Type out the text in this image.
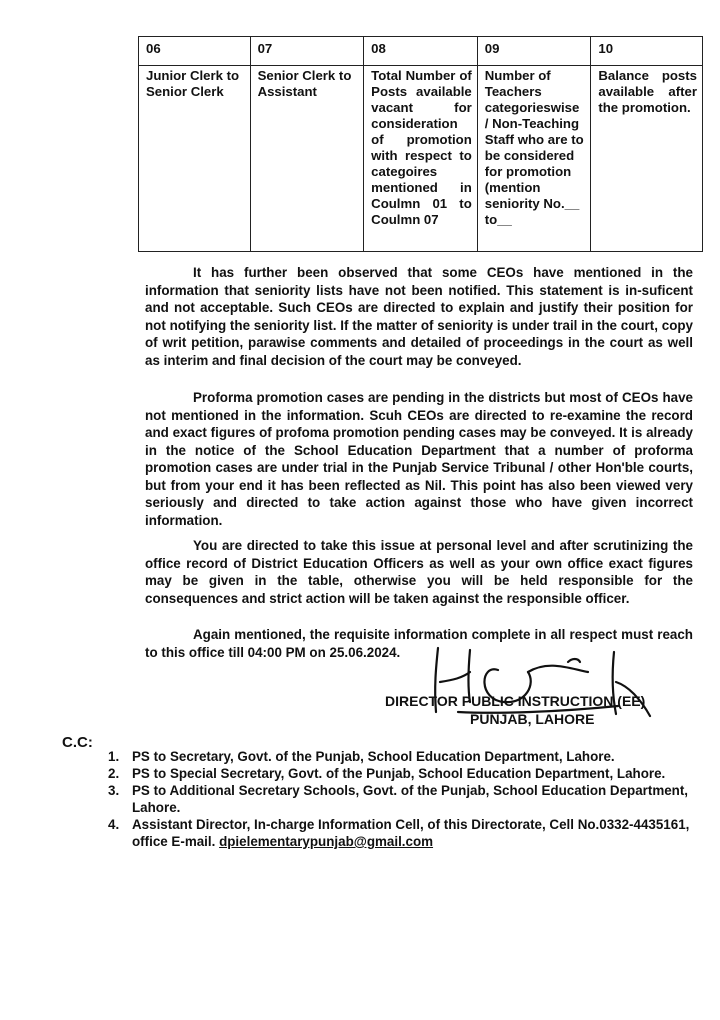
06	07	08	09	10
Junior Clerk to Senior Clerk	Senior Clerk to Assistant	Total Number of Posts available vacant for consideration of promotion with respect to categoires mentioned in Coulmn 01 to Coulmn 07	Number of Teachers categorieswise / Non-Teaching Staff who are to be considered for promotion (mention seniority No.__ to__	Balance posts available after the promotion.

It has further been observed that some CEOs have mentioned in the information that seniority lists have not been notified. This statement is in-suficent and not acceptable. Such CEOs are directed to explain and justify their position for not notifying the seniority list. If the matter of seniority is under trail in the court, copy of writ petition, parawise comments and detailed of proceedings in the court as well as interim and final decision of the court may be conveyed.

Proforma promotion cases are pending in the districts but most of CEOs have not mentioned in the information. Scuh CEOs are directed to re-examine the record and exact figures of profoma promotion pending cases may be conveyed. It is already in the notice of the School Education Department that a number of proforma promotion cases are under trial in the Punjab Service Tribunal / other Hon'ble courts, but from your end it has been reflected as Nil. This point has also been viewed very seriously and directed to take action against those who have given incorrect information.

You are directed to take this issue at personal level and after scrutinizing the office record of District Education Officers as well as your own office exact figures may be given in the table, otherwise you will be held responsible for the consequences and strict action will be taken against the responsible officer.

Again mentioned, the requisite information complete in all respect must reach to this office till 04:00 PM on 25.06.2024.

DIRECTOR PUBLIC INSTRUCTION (EE)
PUNJAB, LAHORE
C.C:
1. PS to Secretary, Govt. of the Punjab, School Education Department, Lahore.
2. PS to Special Secretary, Govt. of the Punjab, School Education Department, Lahore.
3. PS to Additional Secretary Schools, Govt. of the Punjab, School Education Department, Lahore.
4. Assistant Director, In-charge Information Cell, of this Directorate, Cell No.0332-4435161, office E-mail. dpielementarypunjab@gmail.com
